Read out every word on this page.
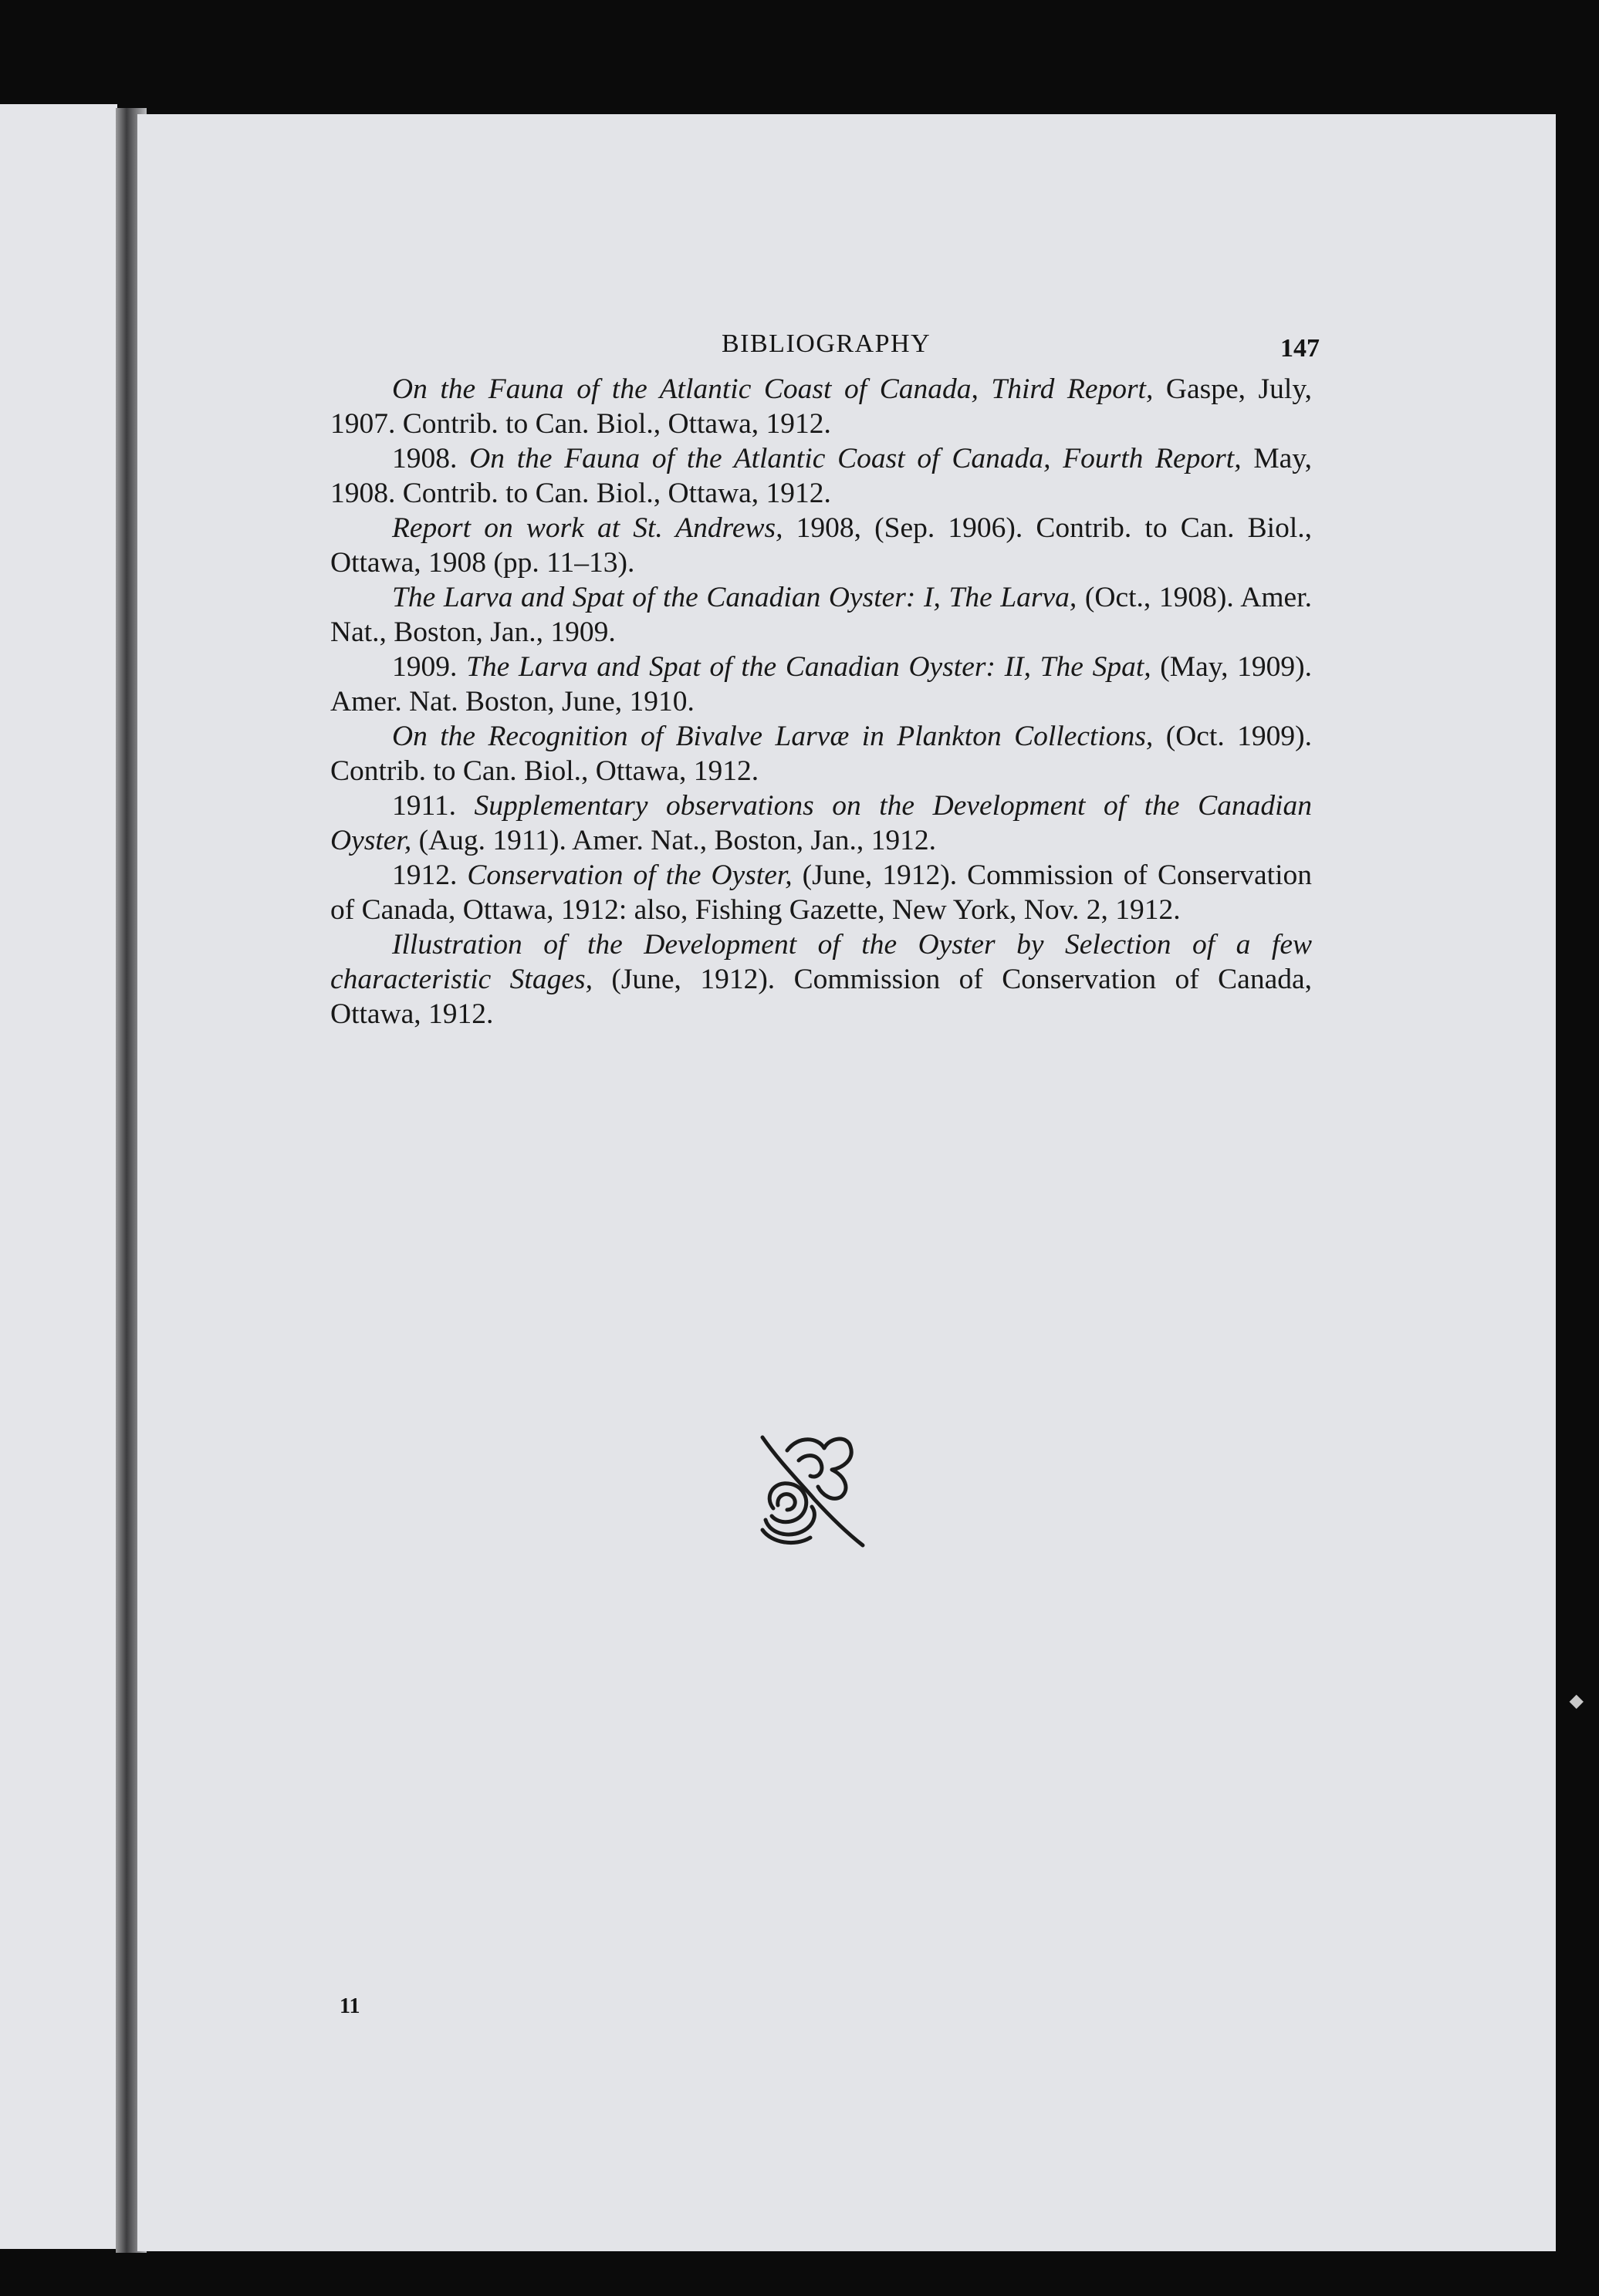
BIBLIOGRAPHY	147

On the Fauna of the Atlantic Coast of Canada, Third Report, Gaspe, July, 1907. Contrib. to Can. Biol., Ottawa, 1912.

1908. On the Fauna of the Atlantic Coast of Canada, Fourth Report, May, 1908. Contrib. to Can. Biol., Ottawa, 1912.

Report on work at St. Andrews, 1908, (Sep. 1906). Contrib. to Can. Biol., Ottawa, 1908 (pp. 11–13).

The Larva and Spat of the Canadian Oyster: I, The Larva, (Oct., 1908). Amer. Nat., Boston, Jan., 1909.

1909. The Larva and Spat of the Canadian Oyster: II, The Spat, (May, 1909). Amer. Nat. Boston, June, 1910.

On the Recognition of Bivalve Larvæ in Plankton Collections, (Oct. 1909). Contrib. to Can. Biol., Ottawa, 1912.

1911. Supplementary observations on the Development of the Canadian Oyster, (Aug. 1911). Amer. Nat., Boston, Jan., 1912.

1912. Conservation of the Oyster, (June, 1912). Commission of Conservation of Canada, Ottawa, 1912: also, Fishing Gazette, New York, Nov. 2, 1912.

Illustration of the Development of the Oyster by Selection of a few characteristic Stages, (June, 1912). Commission of Conservation of Canada, Ottawa, 1912.

11
◆
